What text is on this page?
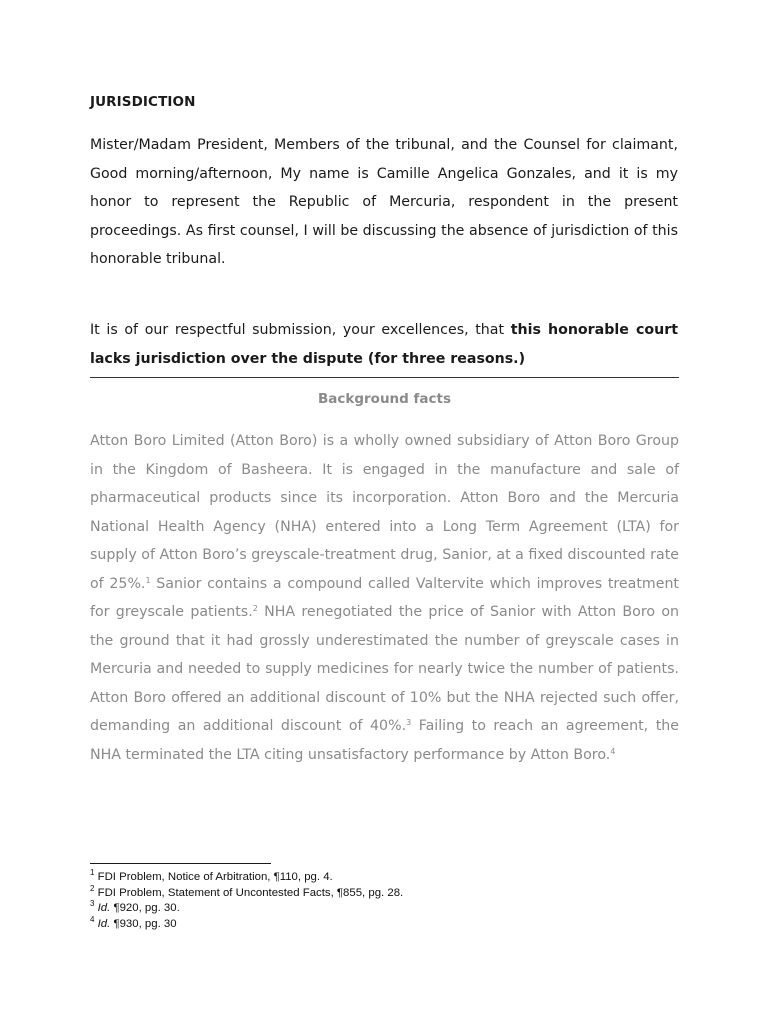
JURISDICTION
Mister/Madam President, Members of the tribunal, and the Counsel for claimant, Good morning/afternoon, My name is Camille Angelica Gonzales, and it is my honor to represent the Republic of Mercuria, respondent in the present proceedings. As first counsel, I will be discussing the absence of jurisdiction of this honorable tribunal.
It is of our respectful submission, your excellences, that this honorable court lacks jurisdiction over the dispute (for three reasons.)
Background facts
Atton Boro Limited (Atton Boro) is a wholly owned subsidiary of Atton Boro Group in the Kingdom of Basheera. It is engaged in the manufacture and sale of pharmaceutical products since its incorporation. Atton Boro and the Mercuria National Health Agency (NHA) entered into a Long Term Agreement (LTA) for supply of Atton Boro’s greyscale-treatment drug, Sanior, at a fixed discounted rate of 25%.$^1$ Sanior contains a compound called Valtervite which improves treatment for greyscale patients.$^2$ NHA renegotiated the price of Sanior with Atton Boro on the ground that it had grossly underestimated the number of greyscale cases in Mercuria and needed to supply medicines for nearly twice the number of patients. Atton Boro offered an additional discount of 10% but the NHA rejected such offer, demanding an additional discount of 40%.$^3$ Failing to reach an agreement, the NHA terminated the LTA citing unsatisfactory performance by Atton Boro.$^4$
$^1$ FDI Problem, Notice of Arbitration, ¶110, pg. 4.
$^2$ FDI Problem, Statement of Uncontested Facts, ¶855, pg. 28.
$^3$ Id. ¶920, pg. 30.
$^4$ Id. ¶930, pg. 30
